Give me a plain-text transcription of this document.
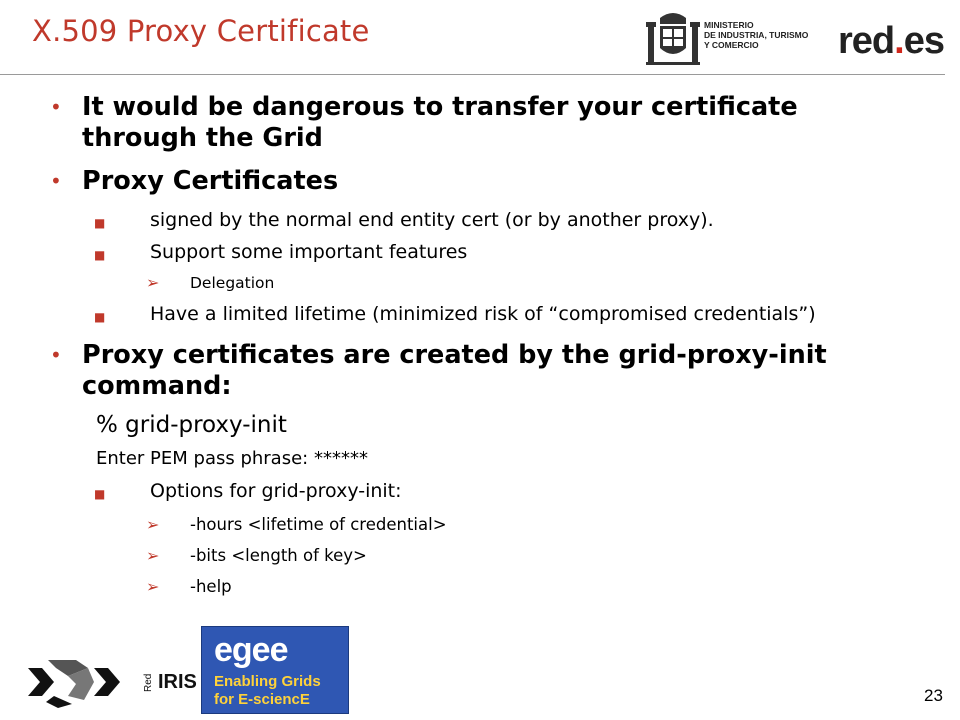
X.509 Proxy Certificate	MINISTERIO
DE INDUSTRIA, TURISMO
Y COMERCIO	red.es
• It would be dangerous to transfer your certificate through the Grid
• Proxy Certificates
■ signed by the normal end entity cert (or by another proxy).
■ Support some important features
➢ Delegation
■ Have a limited lifetime (minimized risk of “compromised credentials”)
• Proxy certificates are created by the grid-proxy-init command:
% grid-proxy-init
Enter PEM pass phrase: ******
■ Options for grid-proxy-init:
➢ -hours <lifetime of credential>
➢ -bits <length of key>
➢ -help
Red IRIS
egee
Enabling Grids
for E-sciencE	23
